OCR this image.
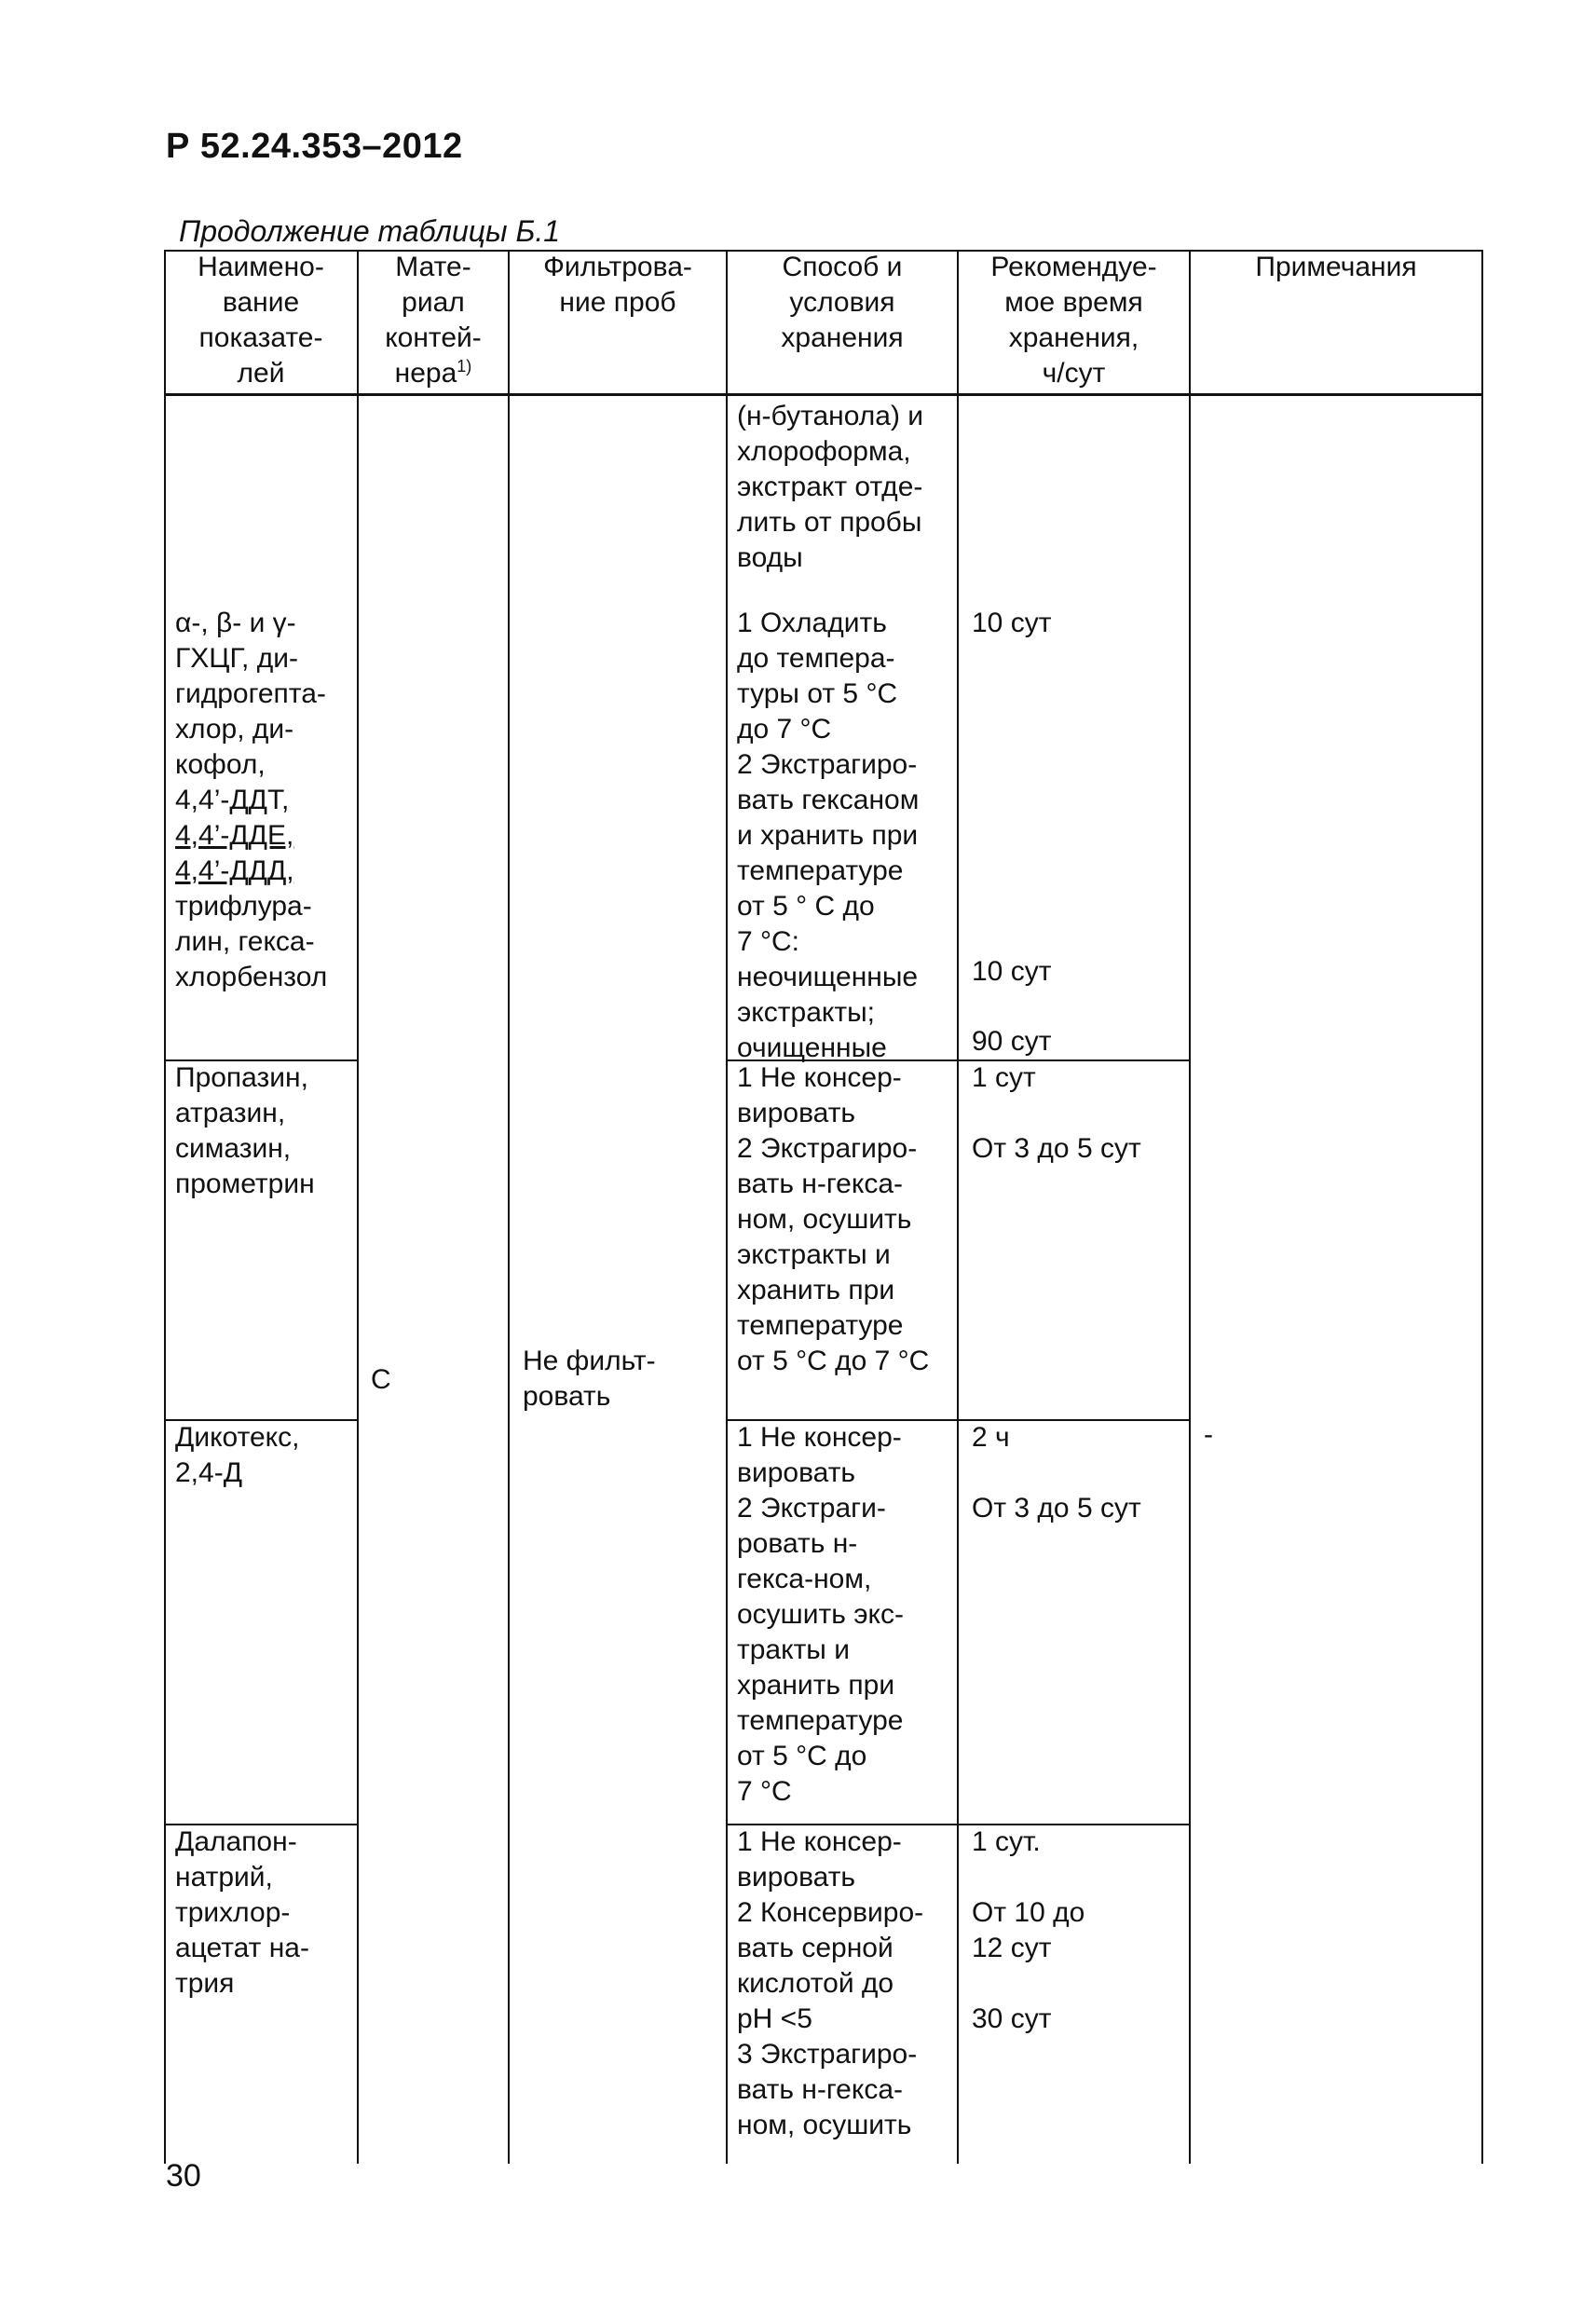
Р 52.24.353–2012
Продолжение таблицы Б.1
Наимено-
вание
показате-
лей
Мате-
риал
контей-
нера$^{1)}$
Фильтрова-
ние проб
Способ и
условия
хранения
Рекомендуе-
мое время
хранения,
ч/сут
Примечания
С
Не фильт-
ровать
-
(н-бутанола) и
хлороформа,
экстракт отде-
лить от пробы
воды
α-, β- и γ-
ГХЦГ, ди-
гидрогепта-
хлор, ди-
кофол,
4,4’-ДДТ,
4,4’-ДДЕ,
4,4’-ДДД,
трифлура-
лин, гекса-
хлорбензол
1 Охладить
до темпера-
туры от 5 °С
до 7 °С
2 Экстрагиро-
вать гексаном
и хранить при
температуре
от 5 ° С до
7 °С:
неочищенные
экстракты;
очищенные
10 сут
10 сут
90 сут
Пропазин,
атразин,
симазин,
прометрин
1 Не консер-
вировать
2 Экстрагиро-
вать н-гекса-
ном, осушить
экстракты и
хранить при
температуре
от 5 °С до 7 °С
1 сут

От 3 до 5 сут
Дикотекс,
2,4-Д
1 Не консер-
вировать
2 Экстраги-
ровать н-
гекса-ном,
осушить экс-
тракты и
хранить при
температуре
от 5 °С до
7 °С
2 ч

От 3 до 5 сут
Далапон-
натрий,
трихлор-
ацетат на-
трия
1 Не консер-
вировать
2 Консервиро-
вать серной
кислотой до
pH <5
3 Экстрагиро-
вать н-гекса-
ном, осушить
1 сут.

От 10 до
12 сут

30 сут
30
